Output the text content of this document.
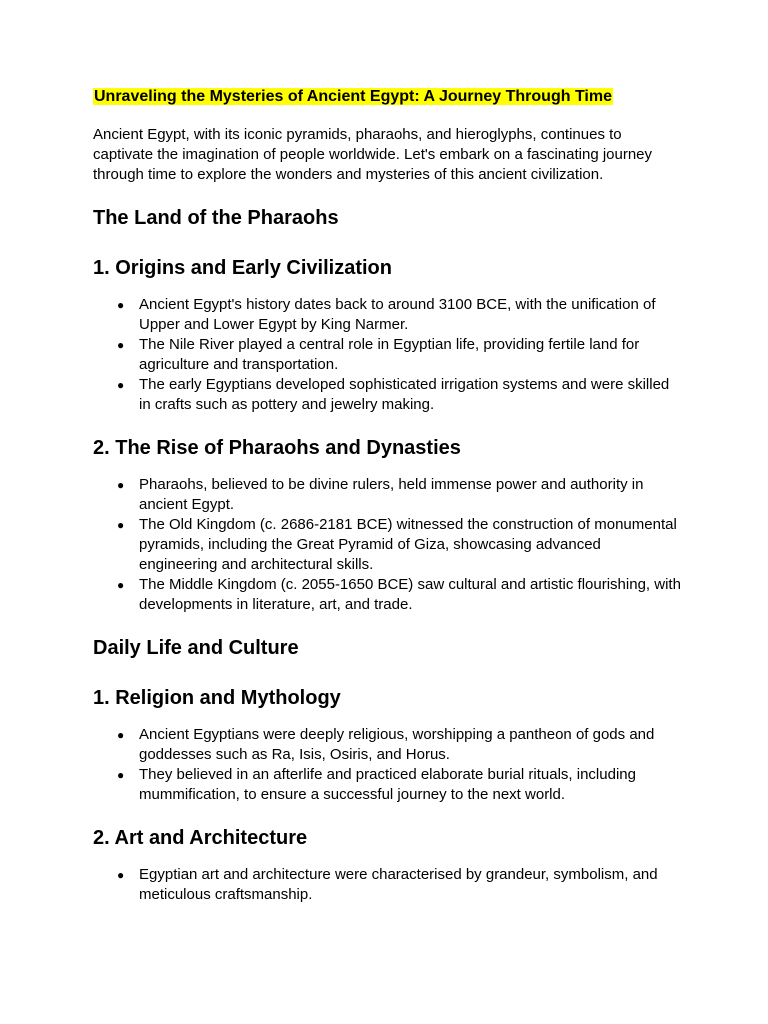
Unraveling the Mysteries of Ancient Egypt: A Journey Through Time

Ancient Egypt, with its iconic pyramids, pharaohs, and hieroglyphs, continues to captivate the imagination of people worldwide. Let's embark on a fascinating journey through time to explore the wonders and mysteries of this ancient civilization.

The Land of the Pharaohs
1. Origins and Early Civilization
● Ancient Egypt's history dates back to around 3100 BCE, with the unification of Upper and Lower Egypt by King Narmer.
● The Nile River played a central role in Egyptian life, providing fertile land for agriculture and transportation.
● The early Egyptians developed sophisticated irrigation systems and were skilled in crafts such as pottery and jewelry making.
2. The Rise of Pharaohs and Dynasties
● Pharaohs, believed to be divine rulers, held immense power and authority in ancient Egypt.
● The Old Kingdom (c. 2686-2181 BCE) witnessed the construction of monumental pyramids, including the Great Pyramid of Giza, showcasing advanced engineering and architectural skills.
● The Middle Kingdom (c. 2055-1650 BCE) saw cultural and artistic flourishing, with developments in literature, art, and trade.
Daily Life and Culture
1. Religion and Mythology
● Ancient Egyptians were deeply religious, worshipping a pantheon of gods and goddesses such as Ra, Isis, Osiris, and Horus.
● They believed in an afterlife and practiced elaborate burial rituals, including mummification, to ensure a successful journey to the next world.
2. Art and Architecture
● Egyptian art and architecture were characterised by grandeur, symbolism, and meticulous craftsmanship.
